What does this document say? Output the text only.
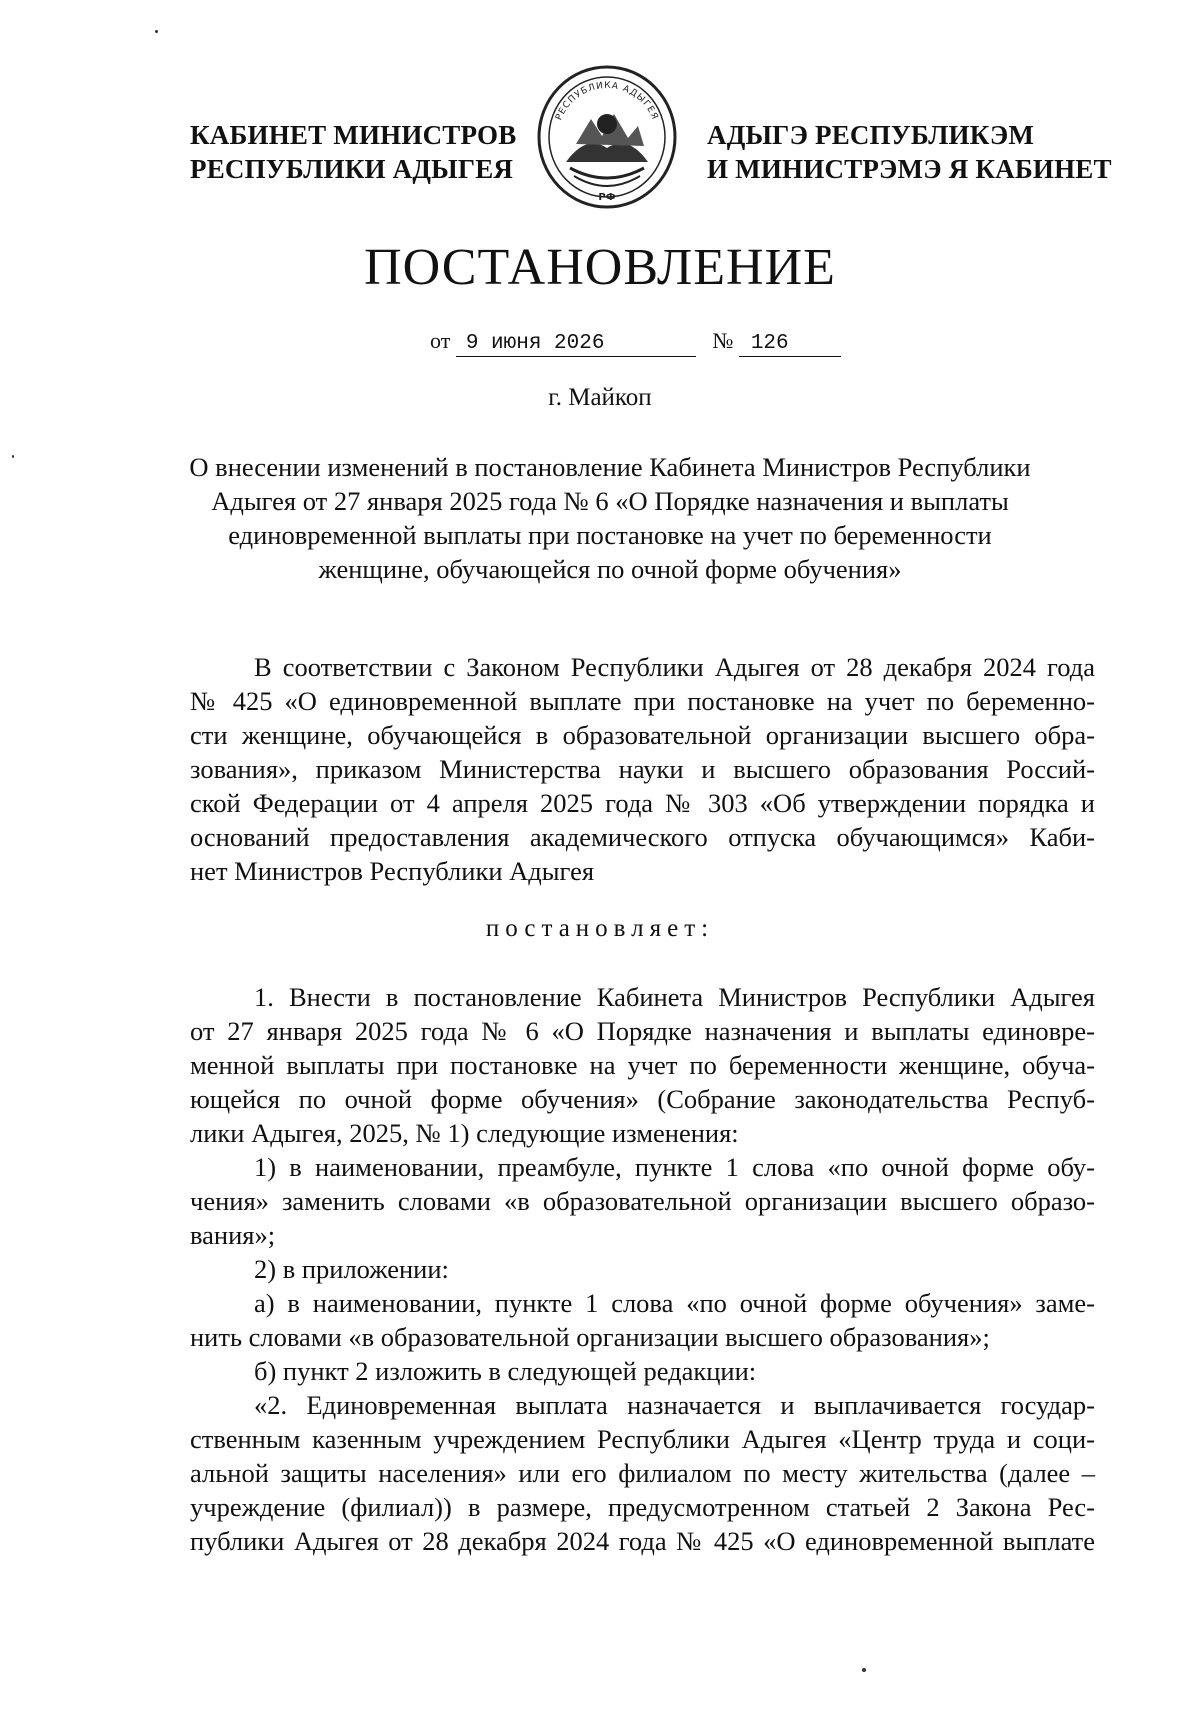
КАБИНЕТ МИНИСТРОВ
РЕСПУБЛИКИ АДЫГЕЯ
РЕСПУБЛИКА АДЫГЕЯ
РФ
АДЫГЭ РЕСПУБЛИКЭМ
И МИНИСТРЭМЭ Я КАБИНЕТ
ПОСТАНОВЛЕНИЕ
от 9 июня 2026	№ 126
г. Майкоп
О внесении изменений в постановление Кабинета Министров Республики
Адыгея от 27 января 2025 года № 6 «О Порядке назначения и выплаты
единовременной выплаты при постановке на учет по беременности
женщине, обучающейся по очной форме обучения»
В соответствии с Законом Республики Адыгея от 28 декабря 2024 года
№ 425 «О единовременной выплате при постановке на учет по беременно-
сти женщине, обучающейся в образовательной организации высшего обра-
зования», приказом Министерства науки и высшего образования Россий-
ской Федерации от 4 апреля 2025 года № 303 «Об утверждении порядка и
оснований предоставления академического отпуска обучающимся» Каби-
нет Министров Республики Адыгея
постановляет:
1. Внести в постановление Кабинета Министров Республики Адыгея
от 27 января 2025 года № 6 «О Порядке назначения и выплаты единовре-
менной выплаты при постановке на учет по беременности женщине, обуча-
ющейся по очной форме обучения» (Собрание законодательства Респуб-
лики Адыгея, 2025, № 1) следующие изменения:
1) в наименовании, преамбуле, пункте 1 слова «по очной форме обу-
чения» заменить словами «в образовательной организации высшего образо-
вания»;
2) в приложении:
а) в наименовании, пункте 1 слова «по очной форме обучения» заме-
нить словами «в образовательной организации высшего образования»;
б) пункт 2 изложить в следующей редакции:
«2. Единовременная выплата назначается и выплачивается государ-
ственным казенным учреждением Республики Адыгея «Центр труда и соци-
альной защиты населения» или его филиалом по месту жительства (далее –
учреждение (филиал)) в размере, предусмотренном статьей 2 Закона Рес-
публики Адыгея от 28 декабря 2024 года № 425 «О единовременной выплате
